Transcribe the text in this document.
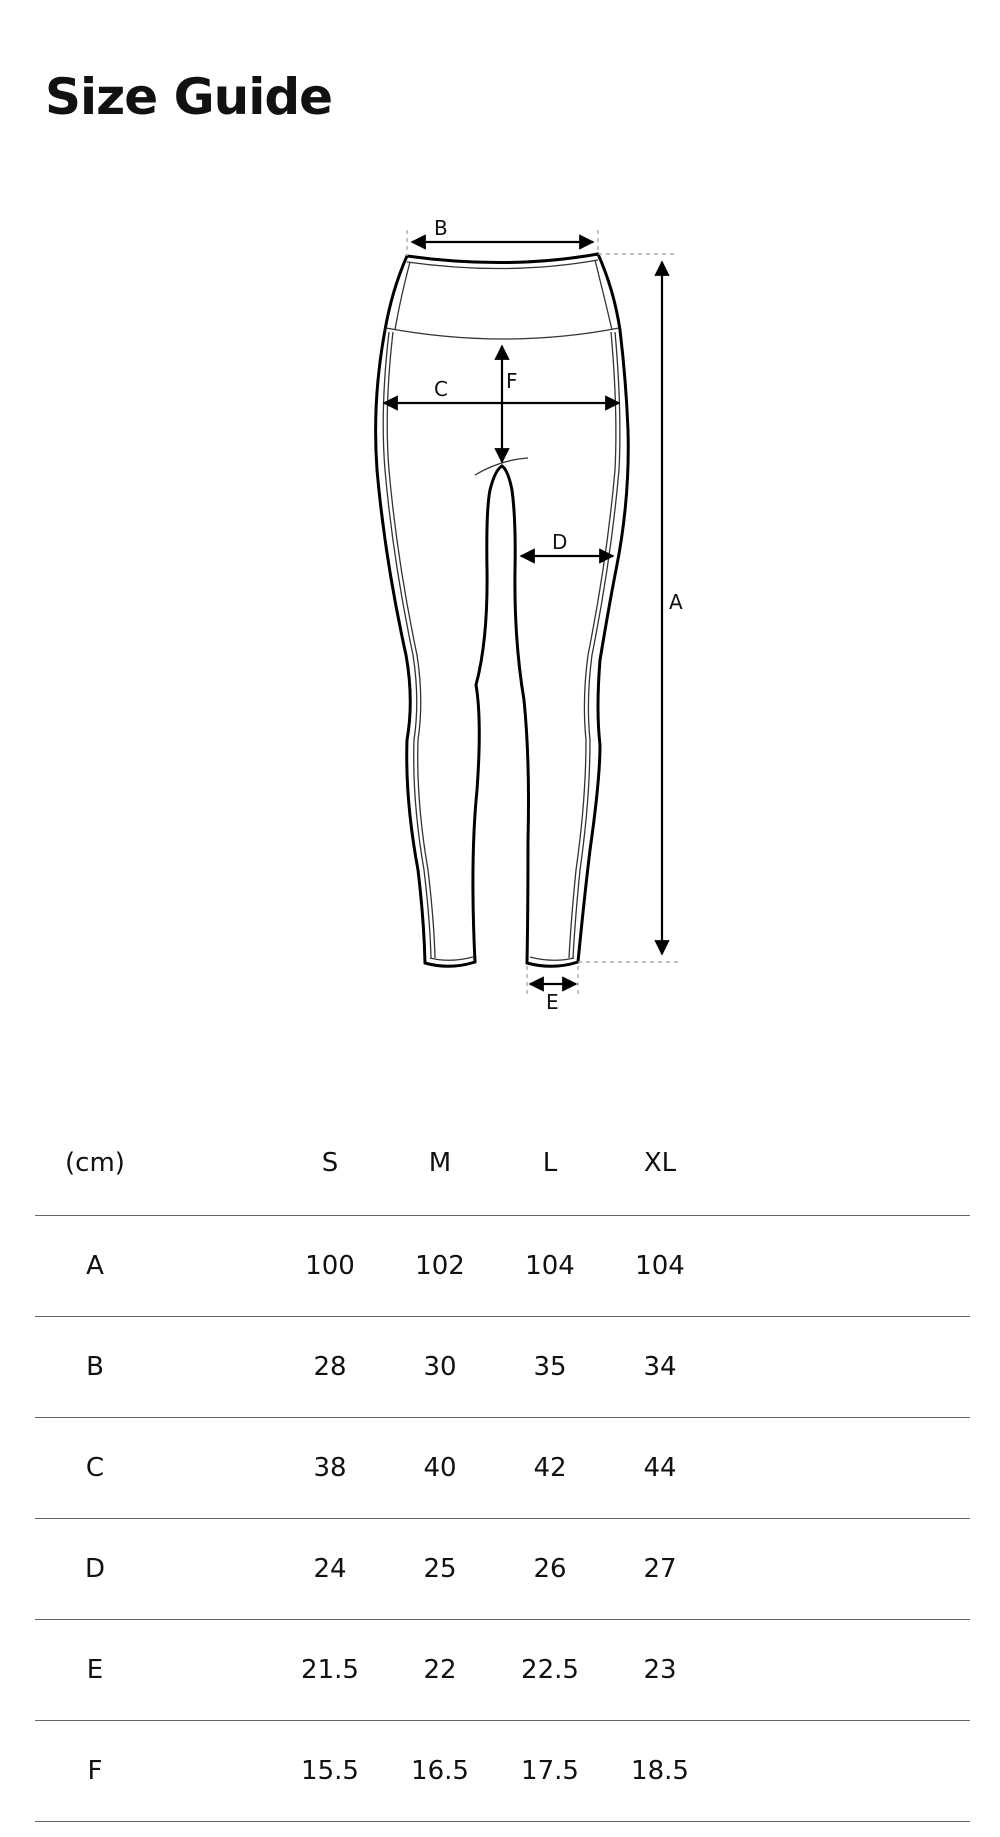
Size Guide
A
B
C
D
E
F
(cm)		S	M	L	XL	
A		100	102	104	104	
B		28	30	35	34	
C		38	40	42	44	
D		24	25	26	27	
E		21.5	22	22.5	23	
F		15.5	16.5	17.5	18.5	
